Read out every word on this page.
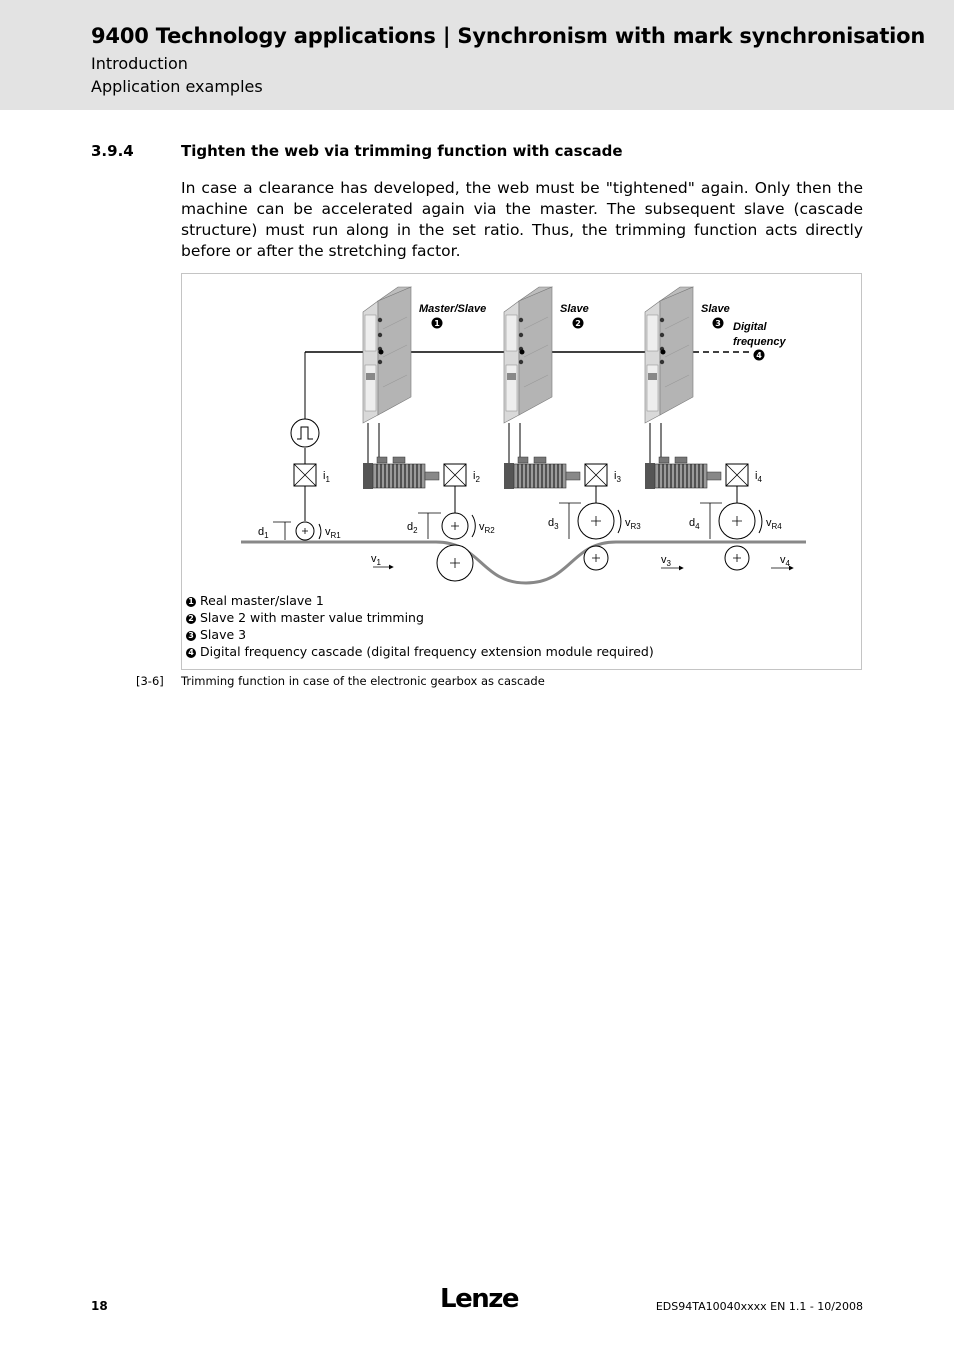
9400 Technology applications | Synchronism with mark synchronisation
Introduction
Application examples
3.9.4	Tighten the web via trimming function with cascade
In case a clearance has developed, the web must be "tightened" again. Only then the machine can be accelerated again via the master. The subsequent slave (cascade structure) must run along in the set ratio. Thus, the trimming function acts directly before or after the stretching factor.
Master/Slave	Slave	Slave
Digital
frequency
1	2	3
4
$i_1$	$i_2$	$i_3$	$i_4$
$d_1$
$d_2$
$d_3$	$d_4$
$v_{R1}$
$v_{R2}$
$v_{R3}$	$v_{R4}$
$v_1$	$v_3$	$v_4$
1 Real master/slave 1
2 Slave 2 with master value trimming
3 Slave 3
4 Digital frequency cascade (digital frequency extension module required)
[3-6] Trimming function in case of the electronic gearbox as cascade
18	Lenze	EDS94TA10040xxxx EN 1.1 - 10/2008
